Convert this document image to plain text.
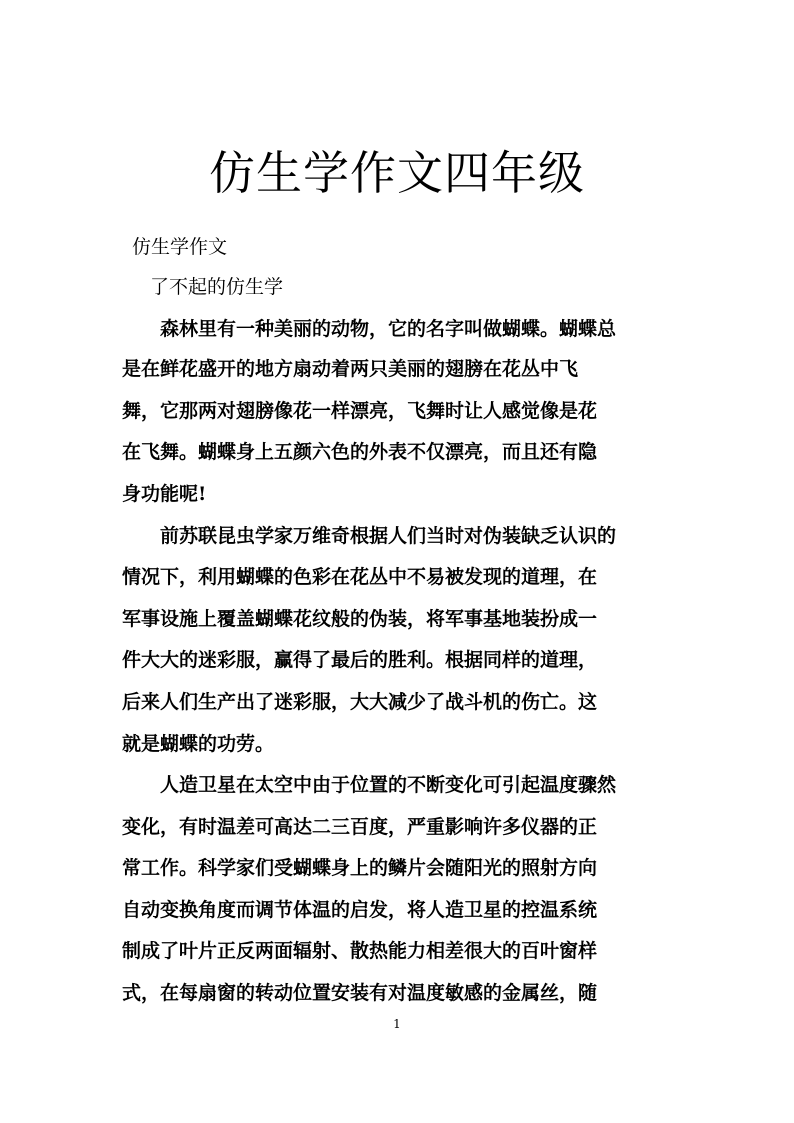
仿生学作文四年级
仿生学作文
了不起的仿生学
　　森林里有一种美丽的动物，它的名字叫做蝴蝶。蝴蝶总
是在鲜花盛开的地方扇动着两只美丽的翅膀在花丛中飞
舞，它那两对翅膀像花一样漂亮，飞舞时让人感觉像是花
在飞舞。蝴蝶身上五颜六色的外表不仅漂亮，而且还有隐
身功能呢!
　　前苏联昆虫学家万维奇根据人们当时对伪装缺乏认识的
情况下，利用蝴蝶的色彩在花丛中不易被发现的道理，在
军事设施上覆盖蝴蝶花纹般的伪装，将军事基地装扮成一
件大大的迷彩服，赢得了最后的胜利。根据同样的道理，
后来人们生产出了迷彩服，大大减少了战斗机的伤亡。这
就是蝴蝶的功劳。
　　人造卫星在太空中由于位置的不断变化可引起温度骤然
变化，有时温差可高达二三百度，严重影响许多仪器的正
常工作。科学家们受蝴蝶身上的鳞片会随阳光的照射方向
自动变换角度而调节体温的启发，将人造卫星的控温系统
制成了叶片正反两面辐射、散热能力相差很大的百叶窗样
式，在每扇窗的转动位置安装有对温度敏感的金属丝，随
1
